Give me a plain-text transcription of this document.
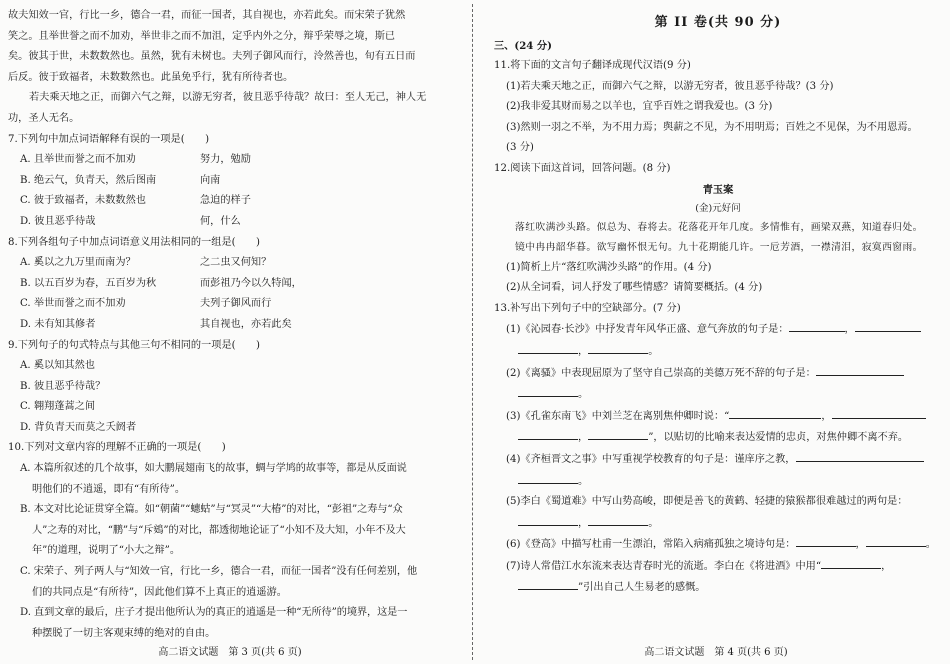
故夫知效一官，行比一乡，德合一君，而征一国者，其自视也，亦若此矣。而宋荣子犹然
笑之。且举世誉之而不加劝，举世非之而不加沮，定乎内外之分，辩乎荣辱之境，斯已
矣。彼其于世，未数数然也。虽然，犹有未树也。夫列子御风而行，泠然善也，旬有五日而
后反。彼于致福者，未数数然也。此虽免乎行，犹有所待者也。
若夫乘天地之正，而御六气之辩，以游无穷者，彼且恶乎待哉？故曰：至人无己，神人无
功，圣人无名。
7.下列句中加点词语解释有误的一项是(　　)
A. 且举世而誉之而不加劝	努力，勉励
B. 绝云气，负青天，然后图南	向南
C. 彼于致福者，未数数然也	急迫的样子
D. 彼且恶乎待哉	何，什么
8.下列各组句子中加点词语意义用法相同的一组是(　　)
A. 奚以之九万里而南为？	之二虫又何知？
B. 以五百岁为春，五百岁为秋	而彭祖乃今以久特闻，
C. 举世而誉之而不加劝	夫列子御风而行
D. 未有知其修者	其自视也，亦若此矣
9.下列句子的句式特点与其他三句不相同的一项是(　　)
A. 奚以知其然也
B. 彼且恶乎待哉？
C. 翱翔蓬蒿之间
D. 背负青天而莫之夭阏者
10.下列对文章内容的理解不正确的一项是(　　)
A. 本篇所叙述的几个故事，如大鹏展翅南飞的故事，蜩与学鸠的故事等，都是从反面说
明他们的不逍遥，即有“有所待”。
B. 本文对比论证贯穿全篇。如“朝菌”“蟪蛄”与“冥灵”“大椿”的对比，“彭祖”之寿与“众
人”之寿的对比，“鹏”与“斥鴳”的对比，都透彻地论证了“小知不及大知，小年不及大
年”的道理，说明了“小大之辩”。
C. 宋荣子、列子两人与“知效一官，行比一乡，德合一君，而征一国者”没有任何差别，他
们的共同点是“有所待”，因此他们算不上真正的逍遥游。
D. 直到文章的最后，庄子才提出他所认为的真正的逍遥是一种“无所待”的境界，这是一
种摆脱了一切主客观束缚的绝对的自由。
高二语文试题　第 3 页(共 6 页)
第 II 卷(共 90 分)
三、(24 分)
11.将下面的文言句子翻译成现代汉语(9 分)
(1)若夫乘天地之正，而御六气之辩，以游无穷者，彼且恶乎待哉？(3 分)
(2)我非爱其财而易之以羊也，宜乎百姓之谓我爱也。(3 分)
(3)然则一羽之不举，为不用力焉；舆薪之不见，为不用明焉；百姓之不见保，为不用恩焉。
(3 分)
12.阅读下面这首词，回答问题。(8 分)
青玉案
(金)元好问
落红吹满沙头路。似总为、春将去。花落花开年几度。多情惟有，画梁双燕，知道春归处。
镜中冉冉韶华暮。欲写幽怀恨无句。九十花期能几许。一卮芳酒，一襟清泪，寂寞西窗雨。
(1)简析上片“落红吹满沙头路”的作用。(4 分)
(2)从全词看，词人抒发了哪些情感？请简要概括。(4 分)
13.补写出下列句子中的空缺部分。(7 分)
(1)《沁园春·长沙》中抒发青年风华正盛、意气奔放的句子是：	，
，	。
(2)《离骚》中表现屈原为了坚守自己崇高的美德万死不辞的句子是：
。
(3)《孔雀东南飞》中刘兰芝在离别焦仲卿时说：“	，
，	”，以贴切的比喻来表达爱情的忠贞，对焦仲卿不离不弃。
(4)《齐桓晋文之事》中写重视学校教育的句子是：谨庠序之教，
。
(5)李白《蜀道难》中写山势高峻，即便是善飞的黄鹤、轻捷的猿猴都很难越过的两句是：
，	。
(6)《登高》中描写杜甫一生漂泊，常陷入病痛孤独之境诗句是：	，	。
(7)诗人常借江水东流来表达青春时光的流逝。李白在《将进酒》中用“	，
”引出自己人生易老的感慨。
高二语文试题　第 4 页(共 6 页)
